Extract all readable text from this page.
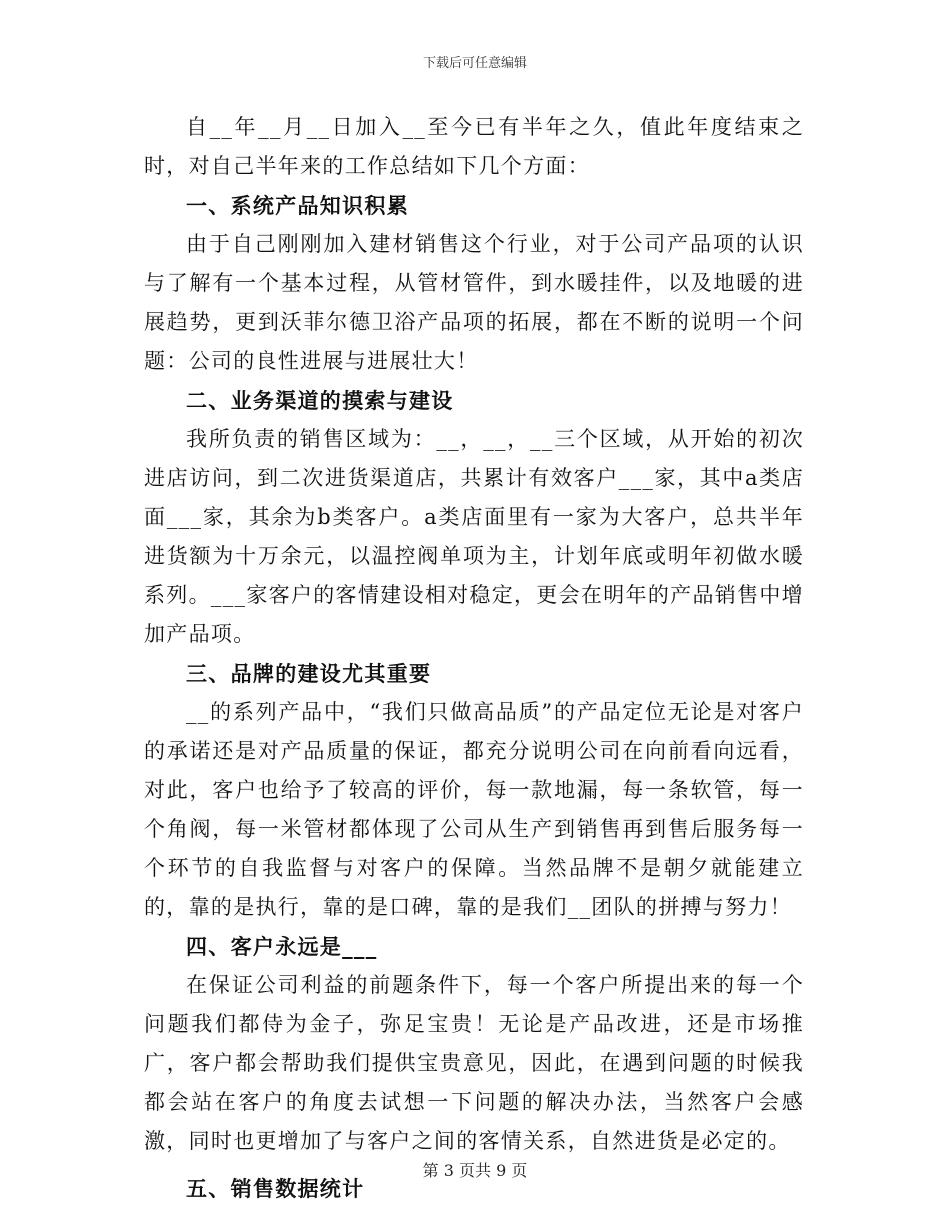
下载后可任意编辑

自__年__月__日加入__至今已有半年之久，值此年度结束之时，对自己半年来的工作总结如下几个方面：

一、系统产品知识积累

由于自己刚刚加入建材销售这个行业，对于公司产品项的认识与了解有一个基本过程，从管材管件，到水暖挂件，以及地暖的进展趋势，更到沃菲尔德卫浴产品项的拓展，都在不断的说明一个问题：公司的良性进展与进展壮大！

二、业务渠道的摸索与建设

我所负责的销售区域为：__，__，__三个区域，从开始的初次进店访问，到二次进货渠道店，共累计有效客户___家，其中a类店面___家，其余为b类客户。a类店面里有一家为大客户，总共半年进货额为十万余元，以温控阀单项为主，计划年底或明年初做水暖系列。___家客户的客情建设相对稳定，更会在明年的产品销售中增加产品项。

三、品牌的建设尤其重要

__的系列产品中，“我们只做高品质”的产品定位无论是对客户的承诺还是对产品质量的保证，都充分说明公司在向前看向远看，对此，客户也给予了较高的评价，每一款地漏，每一条软管，每一个角阀，每一米管材都体现了公司从生产到销售再到售后服务每一个环节的自我监督与对客户的保障。当然品牌不是朝夕就能建立的，靠的是执行，靠的是口碑，靠的是我们__团队的拼搏与努力！

四、客户永远是___

在保证公司利益的前题条件下，每一个客户所提出来的每一个问题我们都侍为金子，弥足宝贵！无论是产品改进，还是市场推广，客户都会帮助我们提供宝贵意见，因此，在遇到问题的时候我都会站在客户的角度去试想一下问题的解决办法，当然客户会感激，同时也更增加了与客户之间的客情关系，自然进货是必定的。

五、销售数据统计

第 3 页共 9 页
